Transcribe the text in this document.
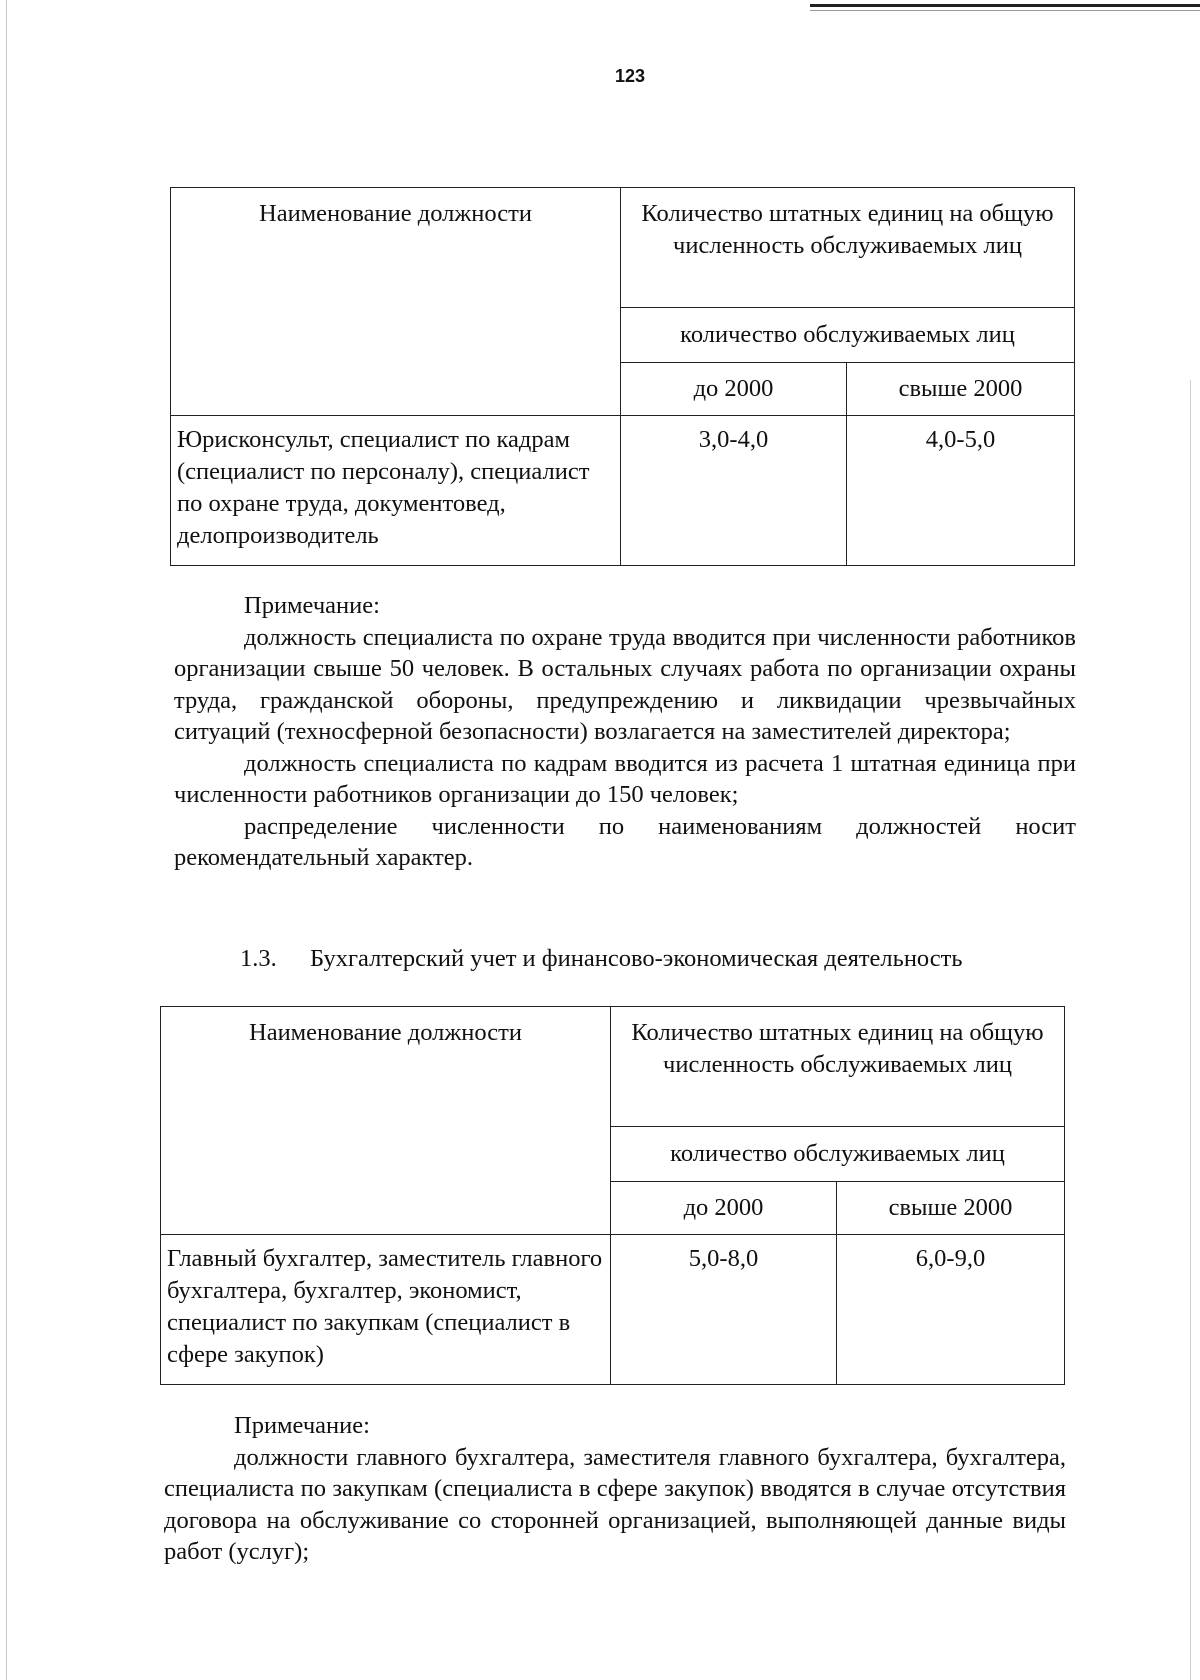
123
Наименование должности	Количество штатных единиц на общую численность обслуживаемых лиц	
	количество обслуживаемых лиц	
	до 2000	свыше 2000
Юрисконсульт, специалист по кадрам (специалист по персоналу), специалист по охране труда, документовед, делопроизводитель	3,0-4,0	4,0-5,0

Примечание:

должность специалиста по охране труда вводится при численности работников организации свыше 50 человек. В остальных случаях работа по организации охраны труда, гражданской обороны, предупреждению и ликвидации чрезвычайных ситуаций (техносферной безопасности) возлагается на заместителей директора;

должность специалиста по кадрам вводится из расчета 1 штатная единица при численности работников организации до 150 человек;

распределение численности по наименованиям должностей носит рекомендательный характер.

1.3. Бухгалтерский учет и финансово-экономическая деятельность
Наименование должности	Количество штатных единиц на общую численность обслуживаемых лиц	
	количество обслуживаемых лиц	
	до 2000	свыше 2000
Главный бухгалтер, заместитель главного бухгалтера, бухгалтер, экономист, специалист по закупкам (специалист в сфере закупок)	5,0-8,0	6,0-9,0

Примечание:

должности главного бухгалтера, заместителя главного бухгалтера, бухгалтера, специалиста по закупкам (специалиста в сфере закупок) вводятся в случае отсутствия договора на обслуживание со сторонней организацией, выполняющей данные виды работ (услуг);
